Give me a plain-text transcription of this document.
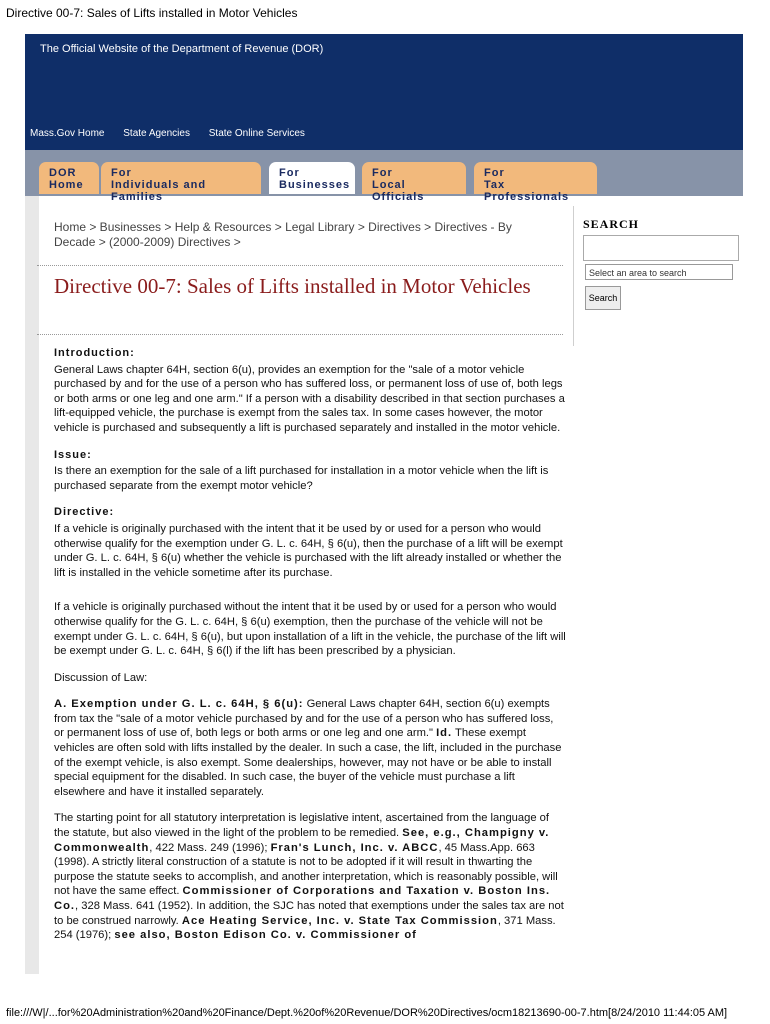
Directive 00-7: Sales of Lifts installed in Motor Vehicles
The Official Website of the Department of Revenue (DOR)
Mass.Gov Home State Agencies State Online Services
DOR
Home
For
Individuals and Families
For
Businesses
For
Local Officials
For
Tax Professionals
Home > Businesses > Help & Resources > Legal Library > Directives > Directives - By Decade > (2000-2009) Directives >
Directive 00-7: Sales of Lifts installed in Motor Vehicles
SEARCH
Select an area to search
Search
Introduction:

General Laws chapter 64H, section 6(u), provides an exemption for the "sale of a motor vehicle purchased by and for the use of a person who has suffered loss, or permanent loss of use of, both legs or both arms or one leg and one arm." If a person with a disability described in that section purchases a lift-equipped vehicle, the purchase is exempt from the sales tax. In some cases however, the motor vehicle is purchased and subsequently a lift is purchased separately and installed in the motor vehicle.

Issue:

Is there an exemption for the sale of a lift purchased for installation in a motor vehicle when the lift is purchased separate from the exempt motor vehicle?

Directive:

If a vehicle is originally purchased with the intent that it be used by or used for a person who would otherwise qualify for the exemption under G. L. c. 64H, § 6(u), then the purchase of a lift will be exempt under G. L. c. 64H, § 6(u) whether the vehicle is purchased with the lift already installed or whether the lift is installed in the vehicle sometime after its purchase.

If a vehicle is originally purchased without the intent that it be used by or used for a person who would otherwise qualify for the G. L. c. 64H, § 6(u) exemption, then the purchase of the vehicle will not be exempt under G. L. c. 64H, § 6(u), but upon installation of a lift in the vehicle, the purchase of the lift will be exempt under G. L. c. 64H, § 6(l) if the lift has been prescribed by a physician.

Discussion of Law:

A. Exemption under G. L. c. 64H, § 6(u): General Laws chapter 64H, section 6(u) exempts from tax the "sale of a motor vehicle purchased by and for the use of a person who has suffered loss, or permanent loss of use of, both legs or both arms or one leg and one arm." Id. These exempt vehicles are often sold with lifts installed by the dealer. In such a case, the lift, included in the purchase of the exempt vehicle, is also exempt. Some dealerships, however, may not have or be able to install special equipment for the disabled. In such case, the buyer of the vehicle must purchase a lift elsewhere and have it installed separately.

The starting point for all statutory interpretation is legislative intent, ascertained from the language of the statute, but also viewed in the light of the problem to be remedied. See, e.g., Champigny v. Commonwealth, 422 Mass. 249 (1996); Fran's Lunch, Inc. v. ABCC, 45 Mass.App. 663 (1998). A strictly literal construction of a statute is not to be adopted if it will result in thwarting the purpose the statute seeks to accomplish, and another interpretation, which is reasonably possible, will not have the same effect. Commissioner of Corporations and Taxation v. Boston Ins. Co., 328 Mass. 641 (1952). In addition, the SJC has noted that exemptions under the sales tax are not to be construed narrowly. Ace Heating Service, Inc. v. State Tax Commission, 371 Mass. 254 (1976); see also, Boston Edison Co. v. Commissioner of

file:///W|/...for%20Administration%20and%20Finance/Dept.%20of%20Revenue/DOR%20Directives/ocm18213690-00-7.htm[8/24/2010 11:44:05 AM]
